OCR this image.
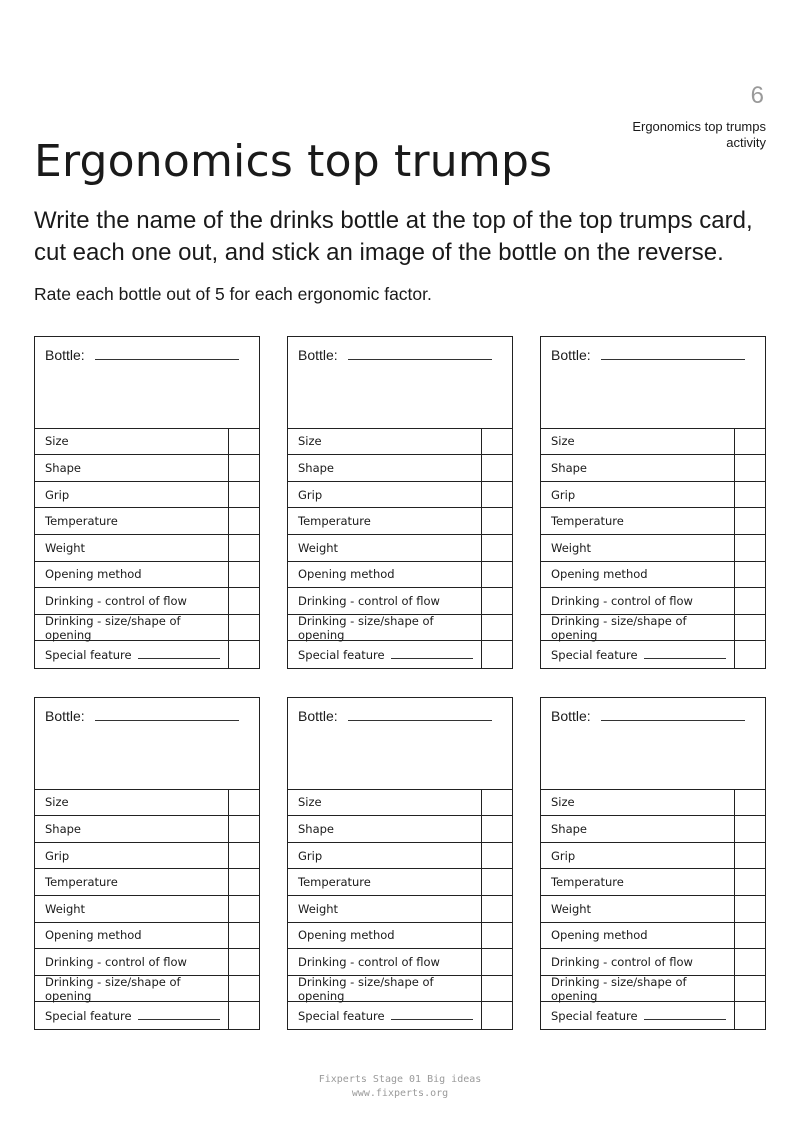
6
Ergonomics top trumps
activity
Ergonomics top trumps

Write the name of the drinks bottle at the top of the top trumps card, cut each one out, and stick an image of the bottle on the reverse.

Rate each bottle out of 5 for each ergonomic factor.

Bottle:
Size
Shape
Grip
Temperature
Weight
Opening method
Drinking - control of flow
Drinking - size/shape of opening
Special feature
Bottle:
Size
Shape
Grip
Temperature
Weight
Opening method
Drinking - control of flow
Drinking - size/shape of opening
Special feature
Bottle:
Size
Shape
Grip
Temperature
Weight
Opening method
Drinking - control of flow
Drinking - size/shape of opening
Special feature
Bottle:
Size
Shape
Grip
Temperature
Weight
Opening method
Drinking - control of flow
Drinking - size/shape of opening
Special feature
Bottle:
Size
Shape
Grip
Temperature
Weight
Opening method
Drinking - control of flow
Drinking - size/shape of opening
Special feature
Bottle:
Size
Shape
Grip
Temperature
Weight
Opening method
Drinking - control of flow
Drinking - size/shape of opening
Special feature
Fixperts Stage 01 Big ideas
www.fixperts.org
